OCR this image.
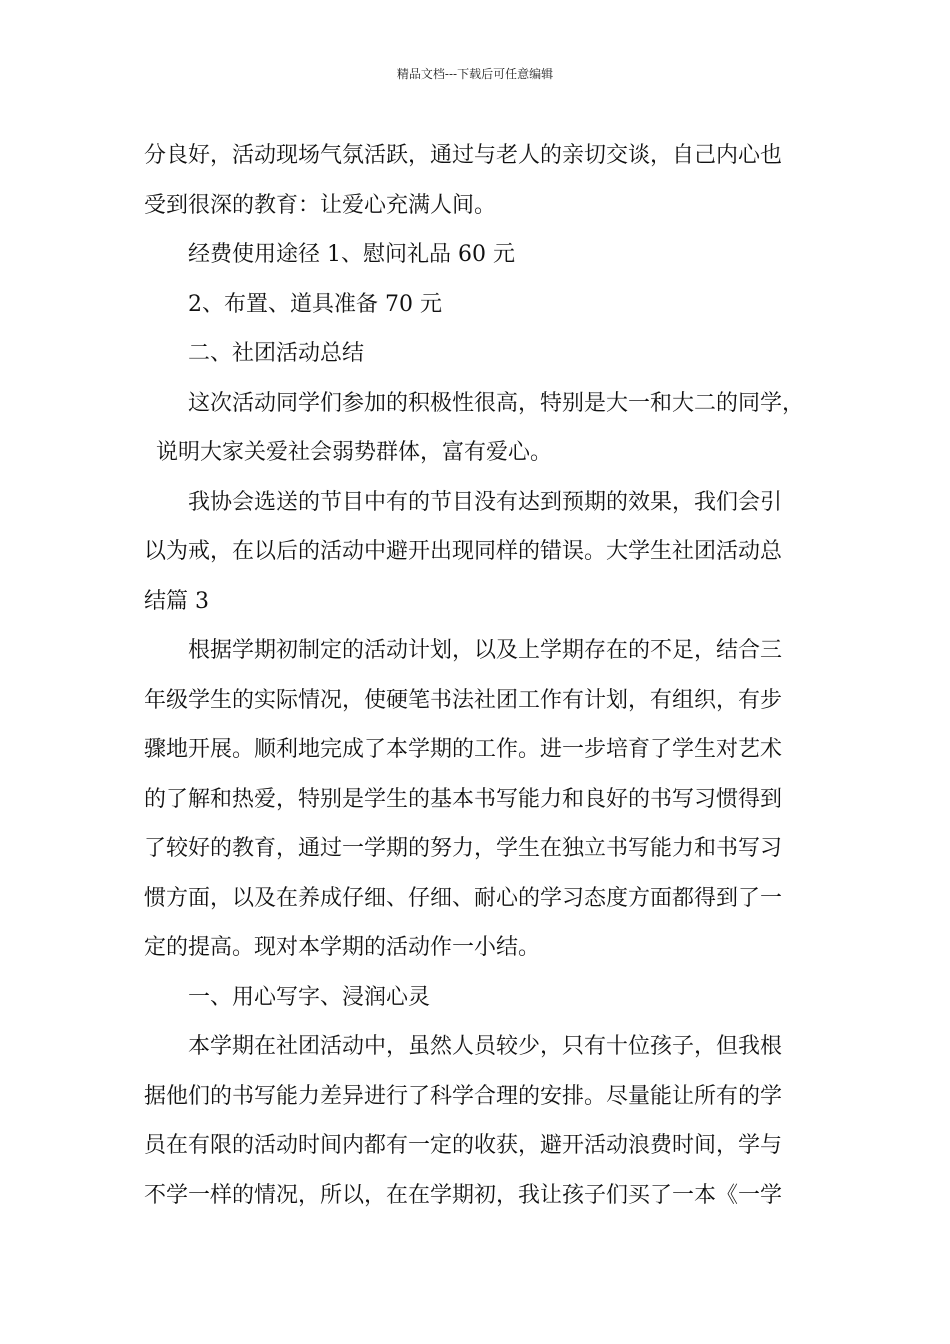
精品文档---下载后可任意编辑
分良好，活动现场气氛活跃，通过与老人的亲切交谈，自己内心也
受到很深的教育：让爱心充满人间。
经费使用途径 1、慰问礼品 60 元
2、布置、道具准备 70 元
二、社团活动总结
这次活动同学们参加的积极性很高，特别是大一和大二的同学，
说明大家关爱社会弱势群体，富有爱心。
我协会选送的节目中有的节目没有达到预期的效果，我们会引
以为戒，在以后的活动中避开出现同样的错误。大学生社团活动总
结篇 3
根据学期初制定的活动计划，以及上学期存在的不足，结合三
年级学生的实际情况，使硬笔书法社团工作有计划，有组织，有步
骤地开展。顺利地完成了本学期的工作。进一步培育了学生对艺术
的了解和热爱，特别是学生的基本书写能力和良好的书写习惯得到
了较好的教育，通过一学期的努力，学生在独立书写能力和书写习
惯方面，以及在养成仔细、仔细、耐心的学习态度方面都得到了一
定的提高。现对本学期的活动作一小结。
一、用心写字、浸润心灵
本学期在社团活动中，虽然人员较少，只有十位孩子，但我根
据他们的书写能力差异进行了科学合理的安排。尽量能让所有的学
员在有限的活动时间内都有一定的收获，避开活动浪费时间，学与
不学一样的情况，所以，在在学期初，我让孩子们买了一本《一学
